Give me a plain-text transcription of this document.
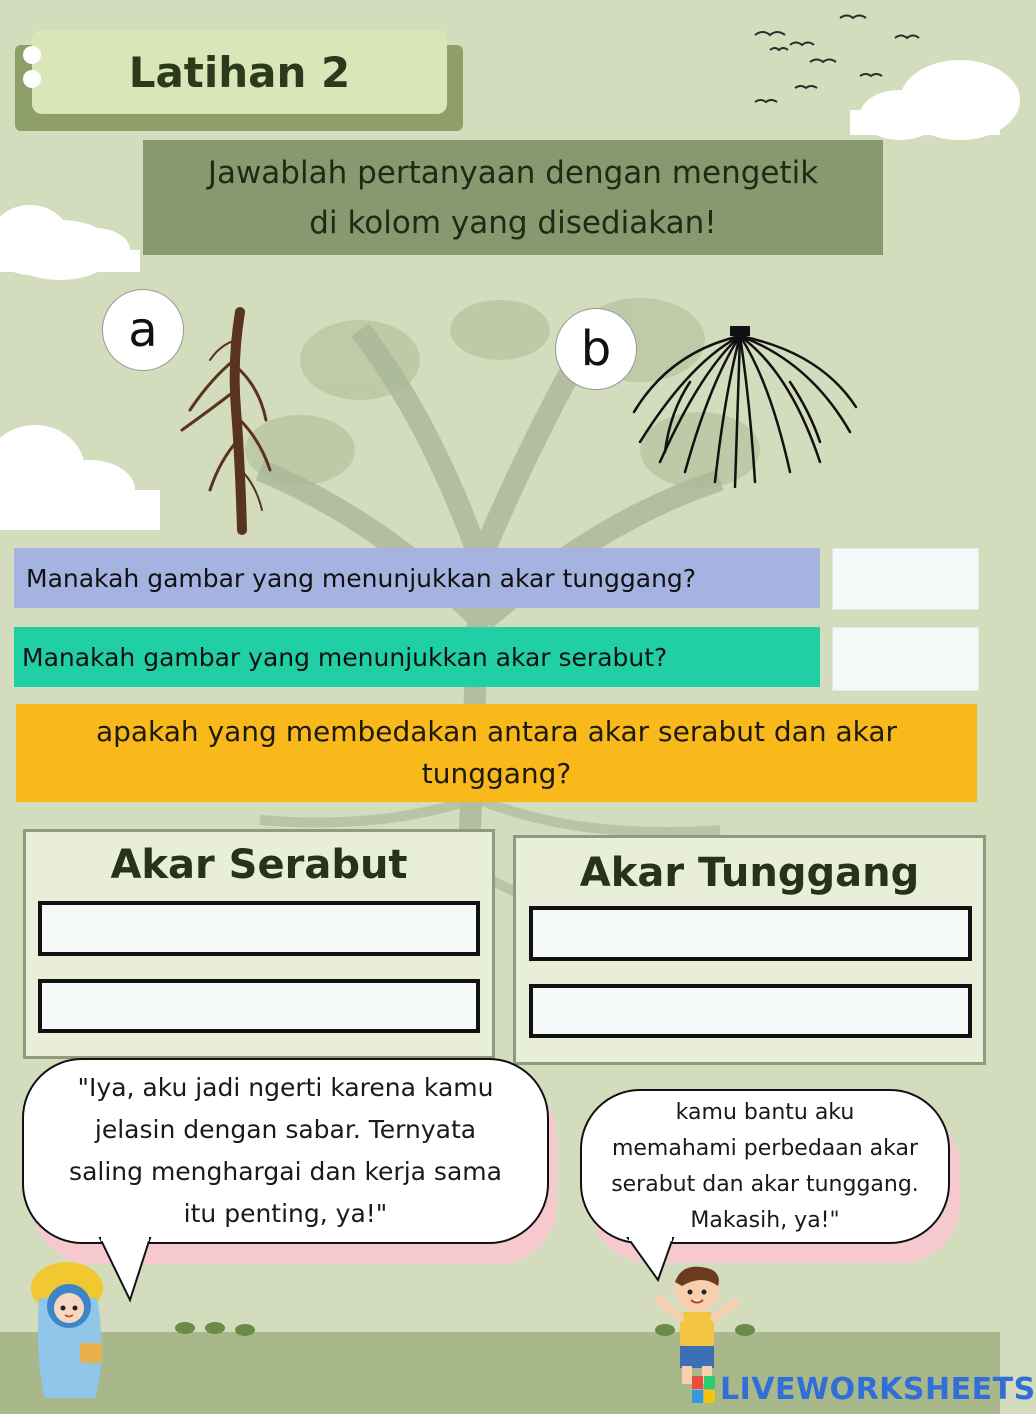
Latihan 2
Jawablah pertanyaan dengan mengetik di kolom yang disediakan!
a	b
Manakah gambar yang menunjukkan akar tunggang?
Manakah gambar yang menunjukkan akar serabut?
apakah yang membedakan antara akar serabut dan akar tunggang?
Akar Serabut	Akar Tunggang
"Iya, aku jadi ngerti karena kamu jelasin dengan sabar. Ternyata saling menghargai dan kerja sama itu penting, ya!"
kamu bantu aku memahami perbedaan akar serabut dan akar tunggang. Makasih, ya!"
LIVEWORKSHEETS
